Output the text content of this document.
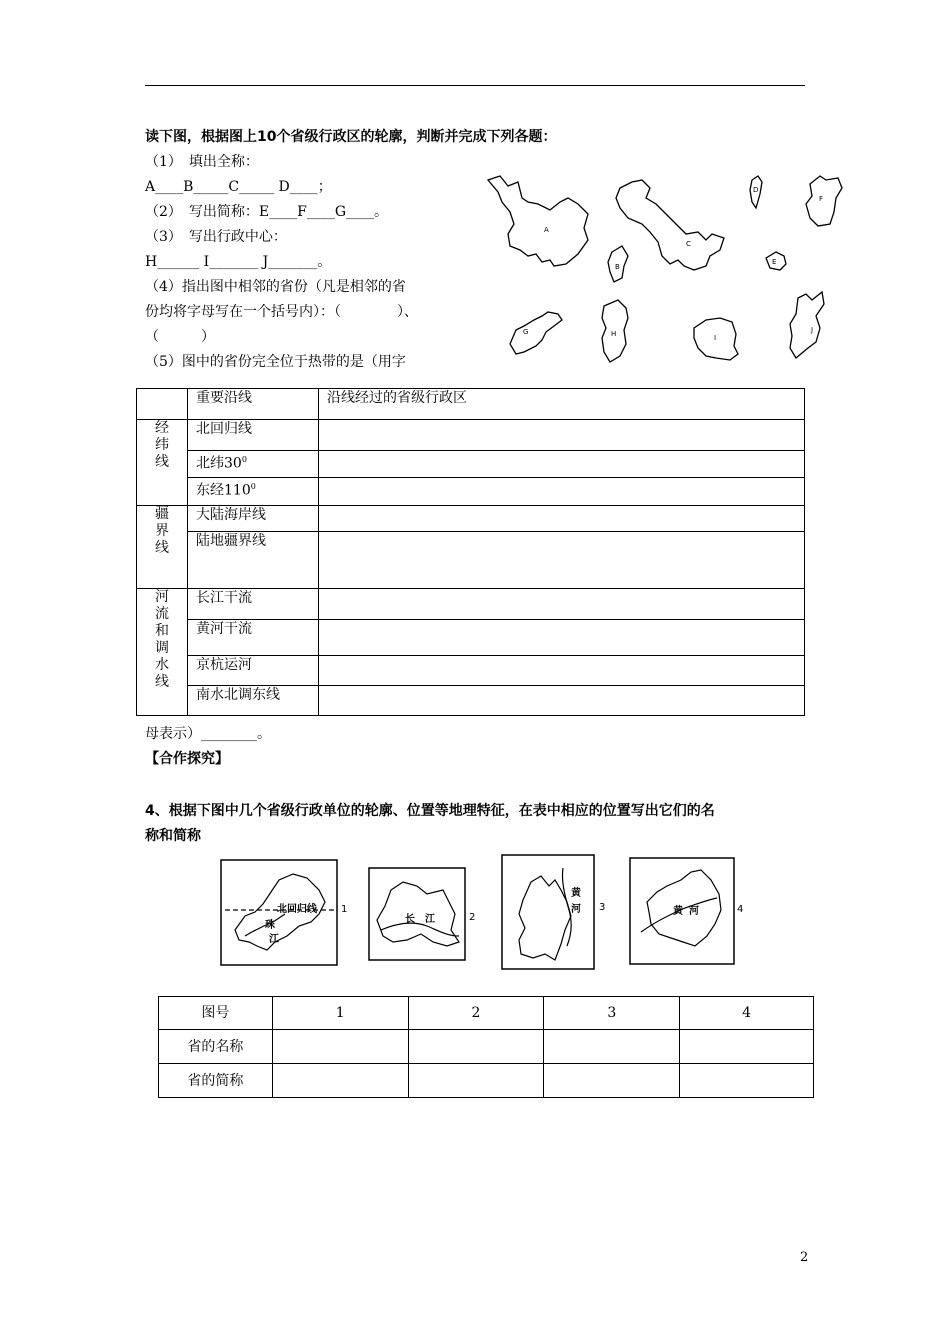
读下图，根据图上10个省级行政区的轮廓，判断并完成下列各题：
（1）　填出全称：
A____B_____C_____ D____；
（2）　写出简称：E____F____G____。
（3）　写出行政中心：
H______ I_______ J_______。
（4）指出图中相邻的省份（凡是相邻的省
份均将字母写在一个括号内）：（　　　　）、
（　　　）
（5）图中的省份完全位于热带的是（用字
A
B
C
D
E
F
G	H	I
J
	重要沿线	沿线经过的省级行政区

经纬线	北回归线	
	北纬$30^0$	
	东经$110^0$	

疆界线	大陆海岸线	
	陆地疆界线	

河流和调水线	长江干流	
	黄河干流	
	京杭运河	
	南水北调东线	
母表示）________。
【合作探究】
4、根据下图中几个省级行政单位的轮廓、位置等地理特征，在表中相应的位置写出它们的名
称和简称
北回归线
珠
江
长 江
黄
河	黄 河
1
2
3	4
图号	1	2	3	4
省的名称				
省的简称				
2
